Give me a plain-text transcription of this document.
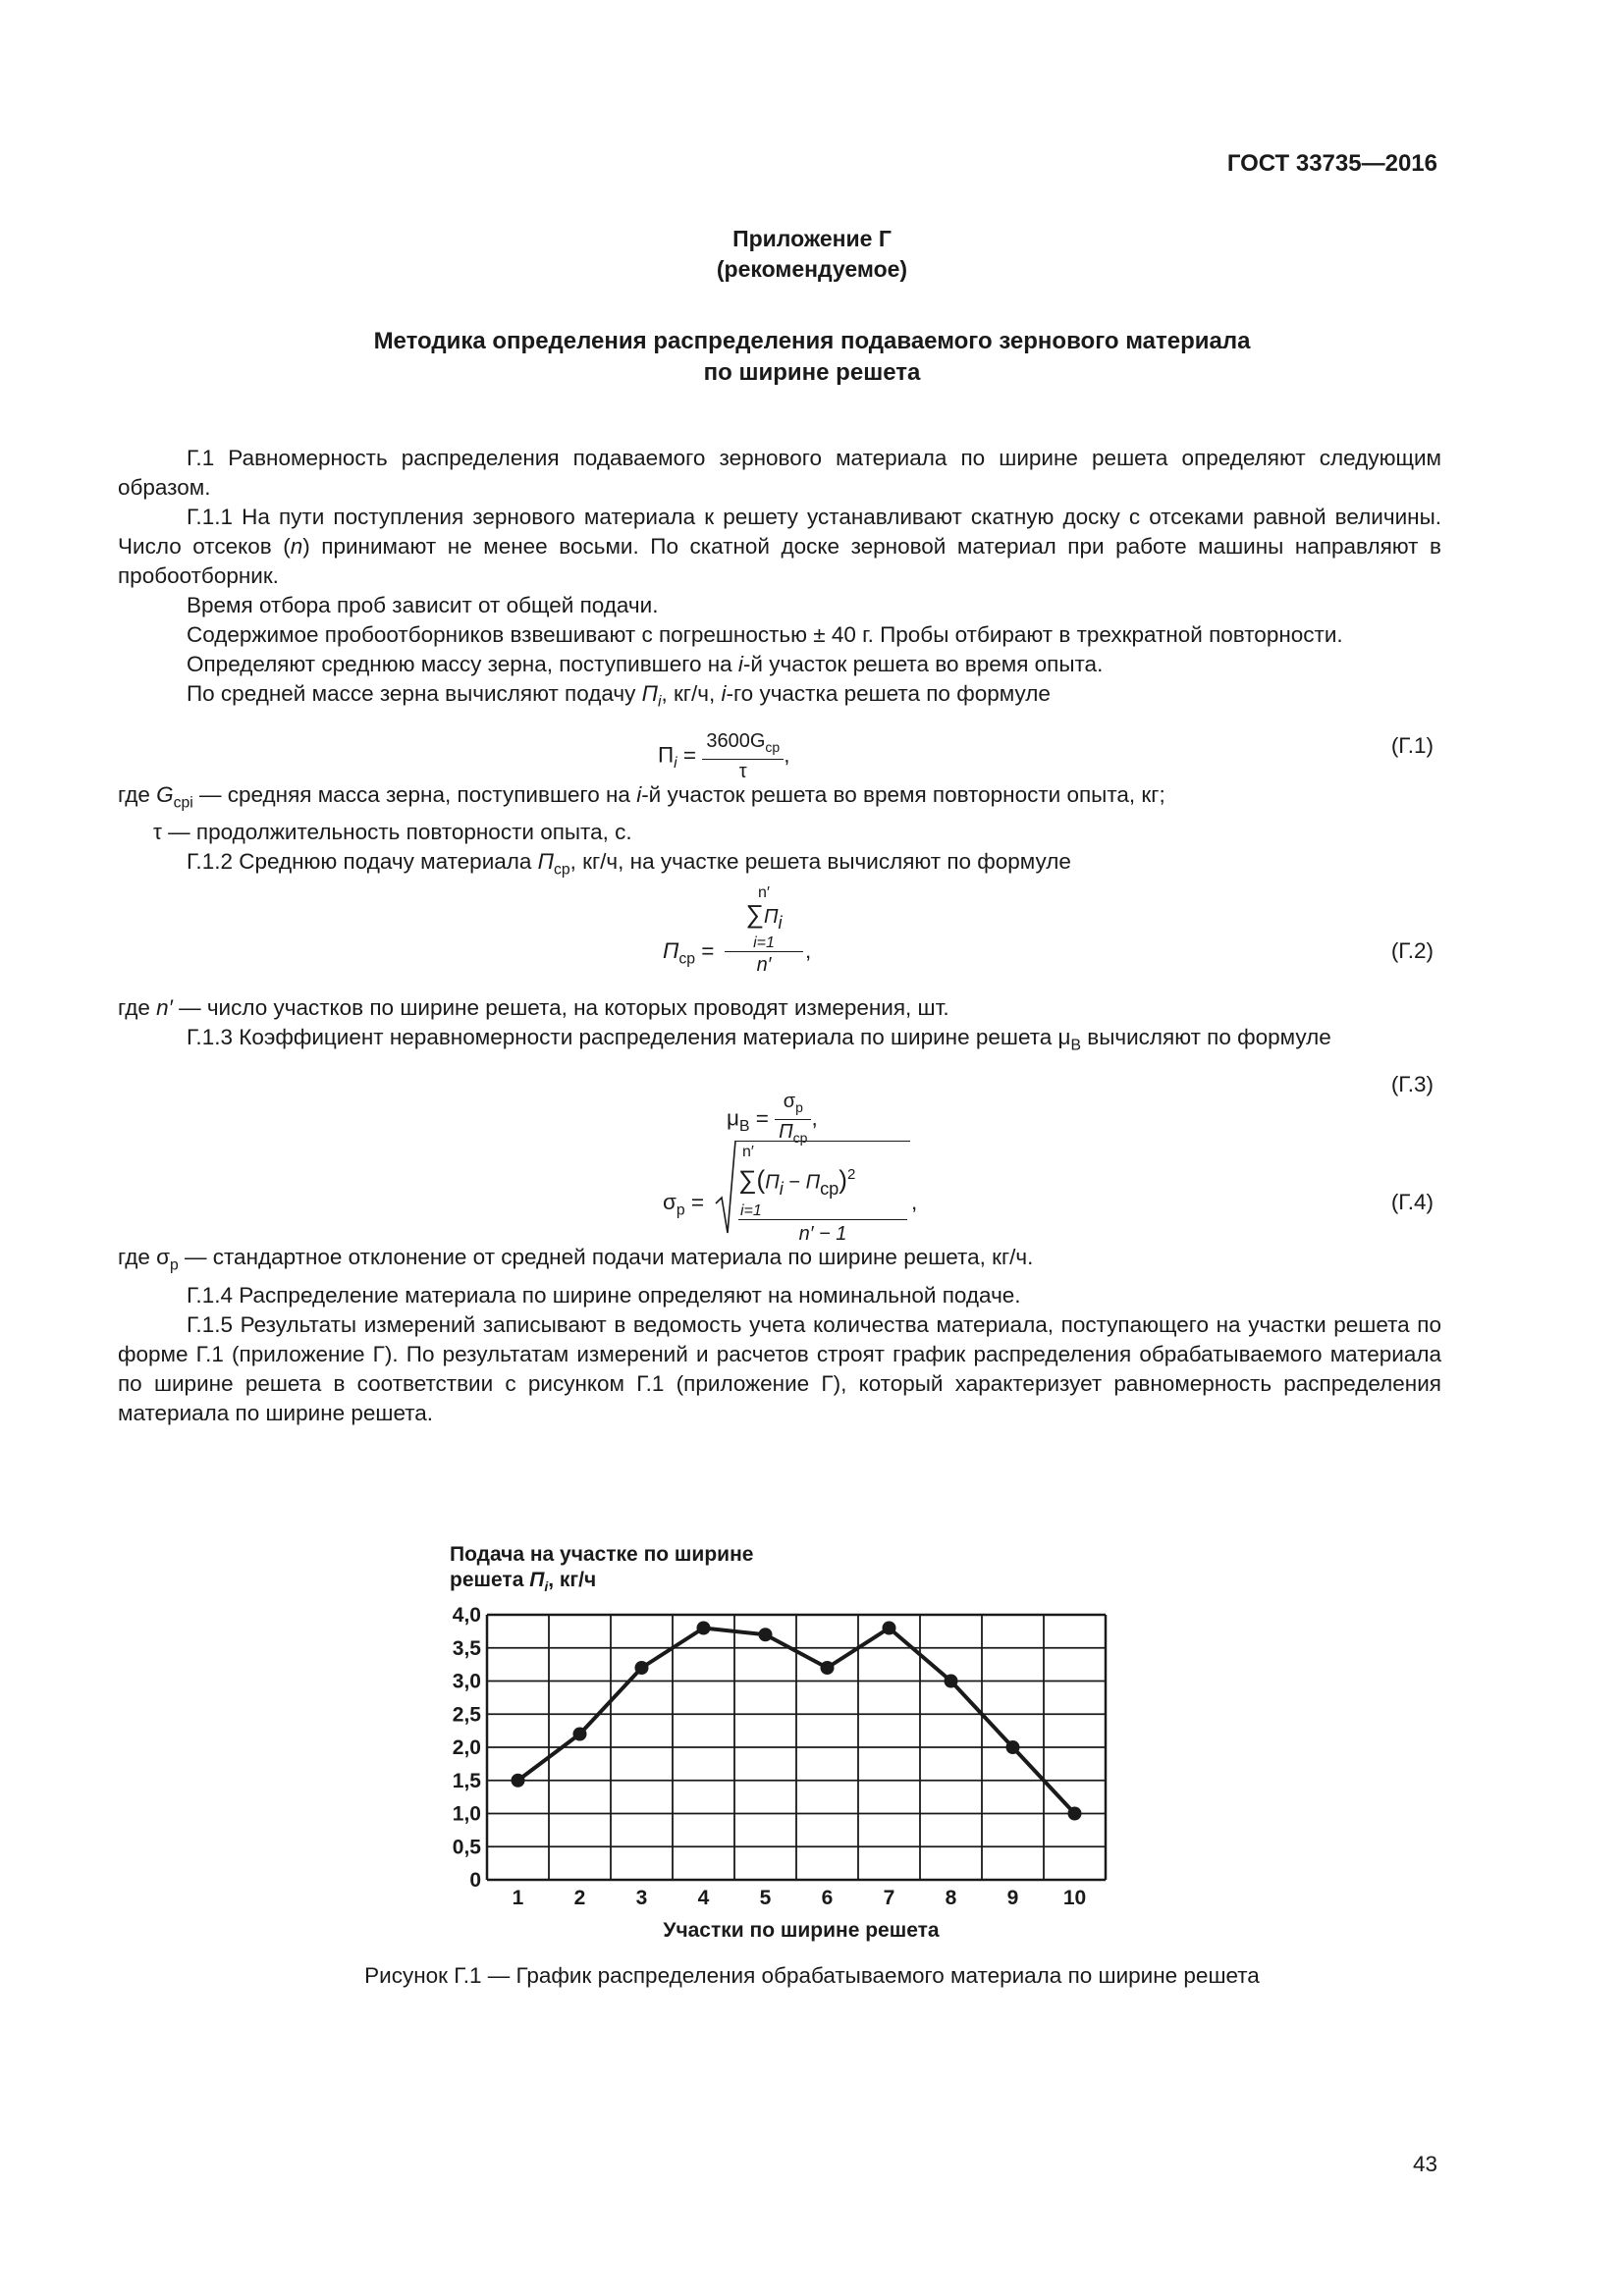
ГОСТ 33735—2016
Приложение Г
(рекомендуемое)
Методика определения распределения подаваемого зернового материала
по ширине решета

Г.1 Равномерность распределения подаваемого зернового материала по ширине решета определяют следующим образом.

Г.1.1 На пути поступления зернового материала к решету устанавливают скатную доску с отсеками равной величины. Число отсеков (n) принимают не менее восьми. По скатной доске зерновой материал при работе машины направляют в пробоотборник.

Время отбора проб зависит от общей подачи.

Содержимое пробоотборников взвешивают с погрешностью ± 40 г. Пробы отбирают в трехкратной повторности.

Определяют среднюю массу зерна, поступившего на i-й участок решета во время опыта.

По средней массе зерна вычисляют подачу $П_i$, кг/ч, i-го участка решета по формуле

$П_i = \frac{3600G_{cp}}{\tau}$ ,	(Г.1)

где $G_{cpi}$ — средняя масса зерна, поступившего на i-й участок решета во время повторности опыта, кг;

τ — продолжительность повторности опыта, с.

Г.1.2 Среднюю подачу материала $П_{ср}$, кг/ч, на участке решета вычисляют по формуле

$П_{ср}$ =
n′
$\sum П_i$
i=1
n′
,	(Г.2)

где n′ — число участков по ширине решета, на которых проводят измерения, шт.

Г.1.3 Коэффициент неравномерности распределения материала по ширине решета $\mu_В$ вычисляют по формуле

$\mu_В = \frac{\sigma_р}{П_{ср}}$ ,
(Г.3)
$\sigma_р$ =
n′
$\sum(П_i - П_{ср})^2$
i=1
n′ − 1
,	(Г.4)

где $\sigma_р$ — стандартное отклонение от средней подачи материала по ширине решета, кг/ч.

Г.1.4 Распределение материала по ширине определяют на номинальной подаче.

Г.1.5 Результаты измерений записывают в ведомость учета количества материала, поступающего на участки решета по форме Г.1 (приложение Г). По результатам измерений и расчетов строят график распределения обрабатываемого материала по ширине решета в соответствии с рисунком Г.1 (приложение Г), который характеризует равномерность распределения материала по ширине решета.

Подача на участке по ширине
решета $П_i$, кг/ч
0
0,5
1,0
1,5
2,0
2,5
3,0
3,5
4,0
1 2 3 4 5 6 7 8 9 10
Участки по ширине решета
Рисунок Г.1 — График распределения обрабатываемого материала по ширине решета
43
